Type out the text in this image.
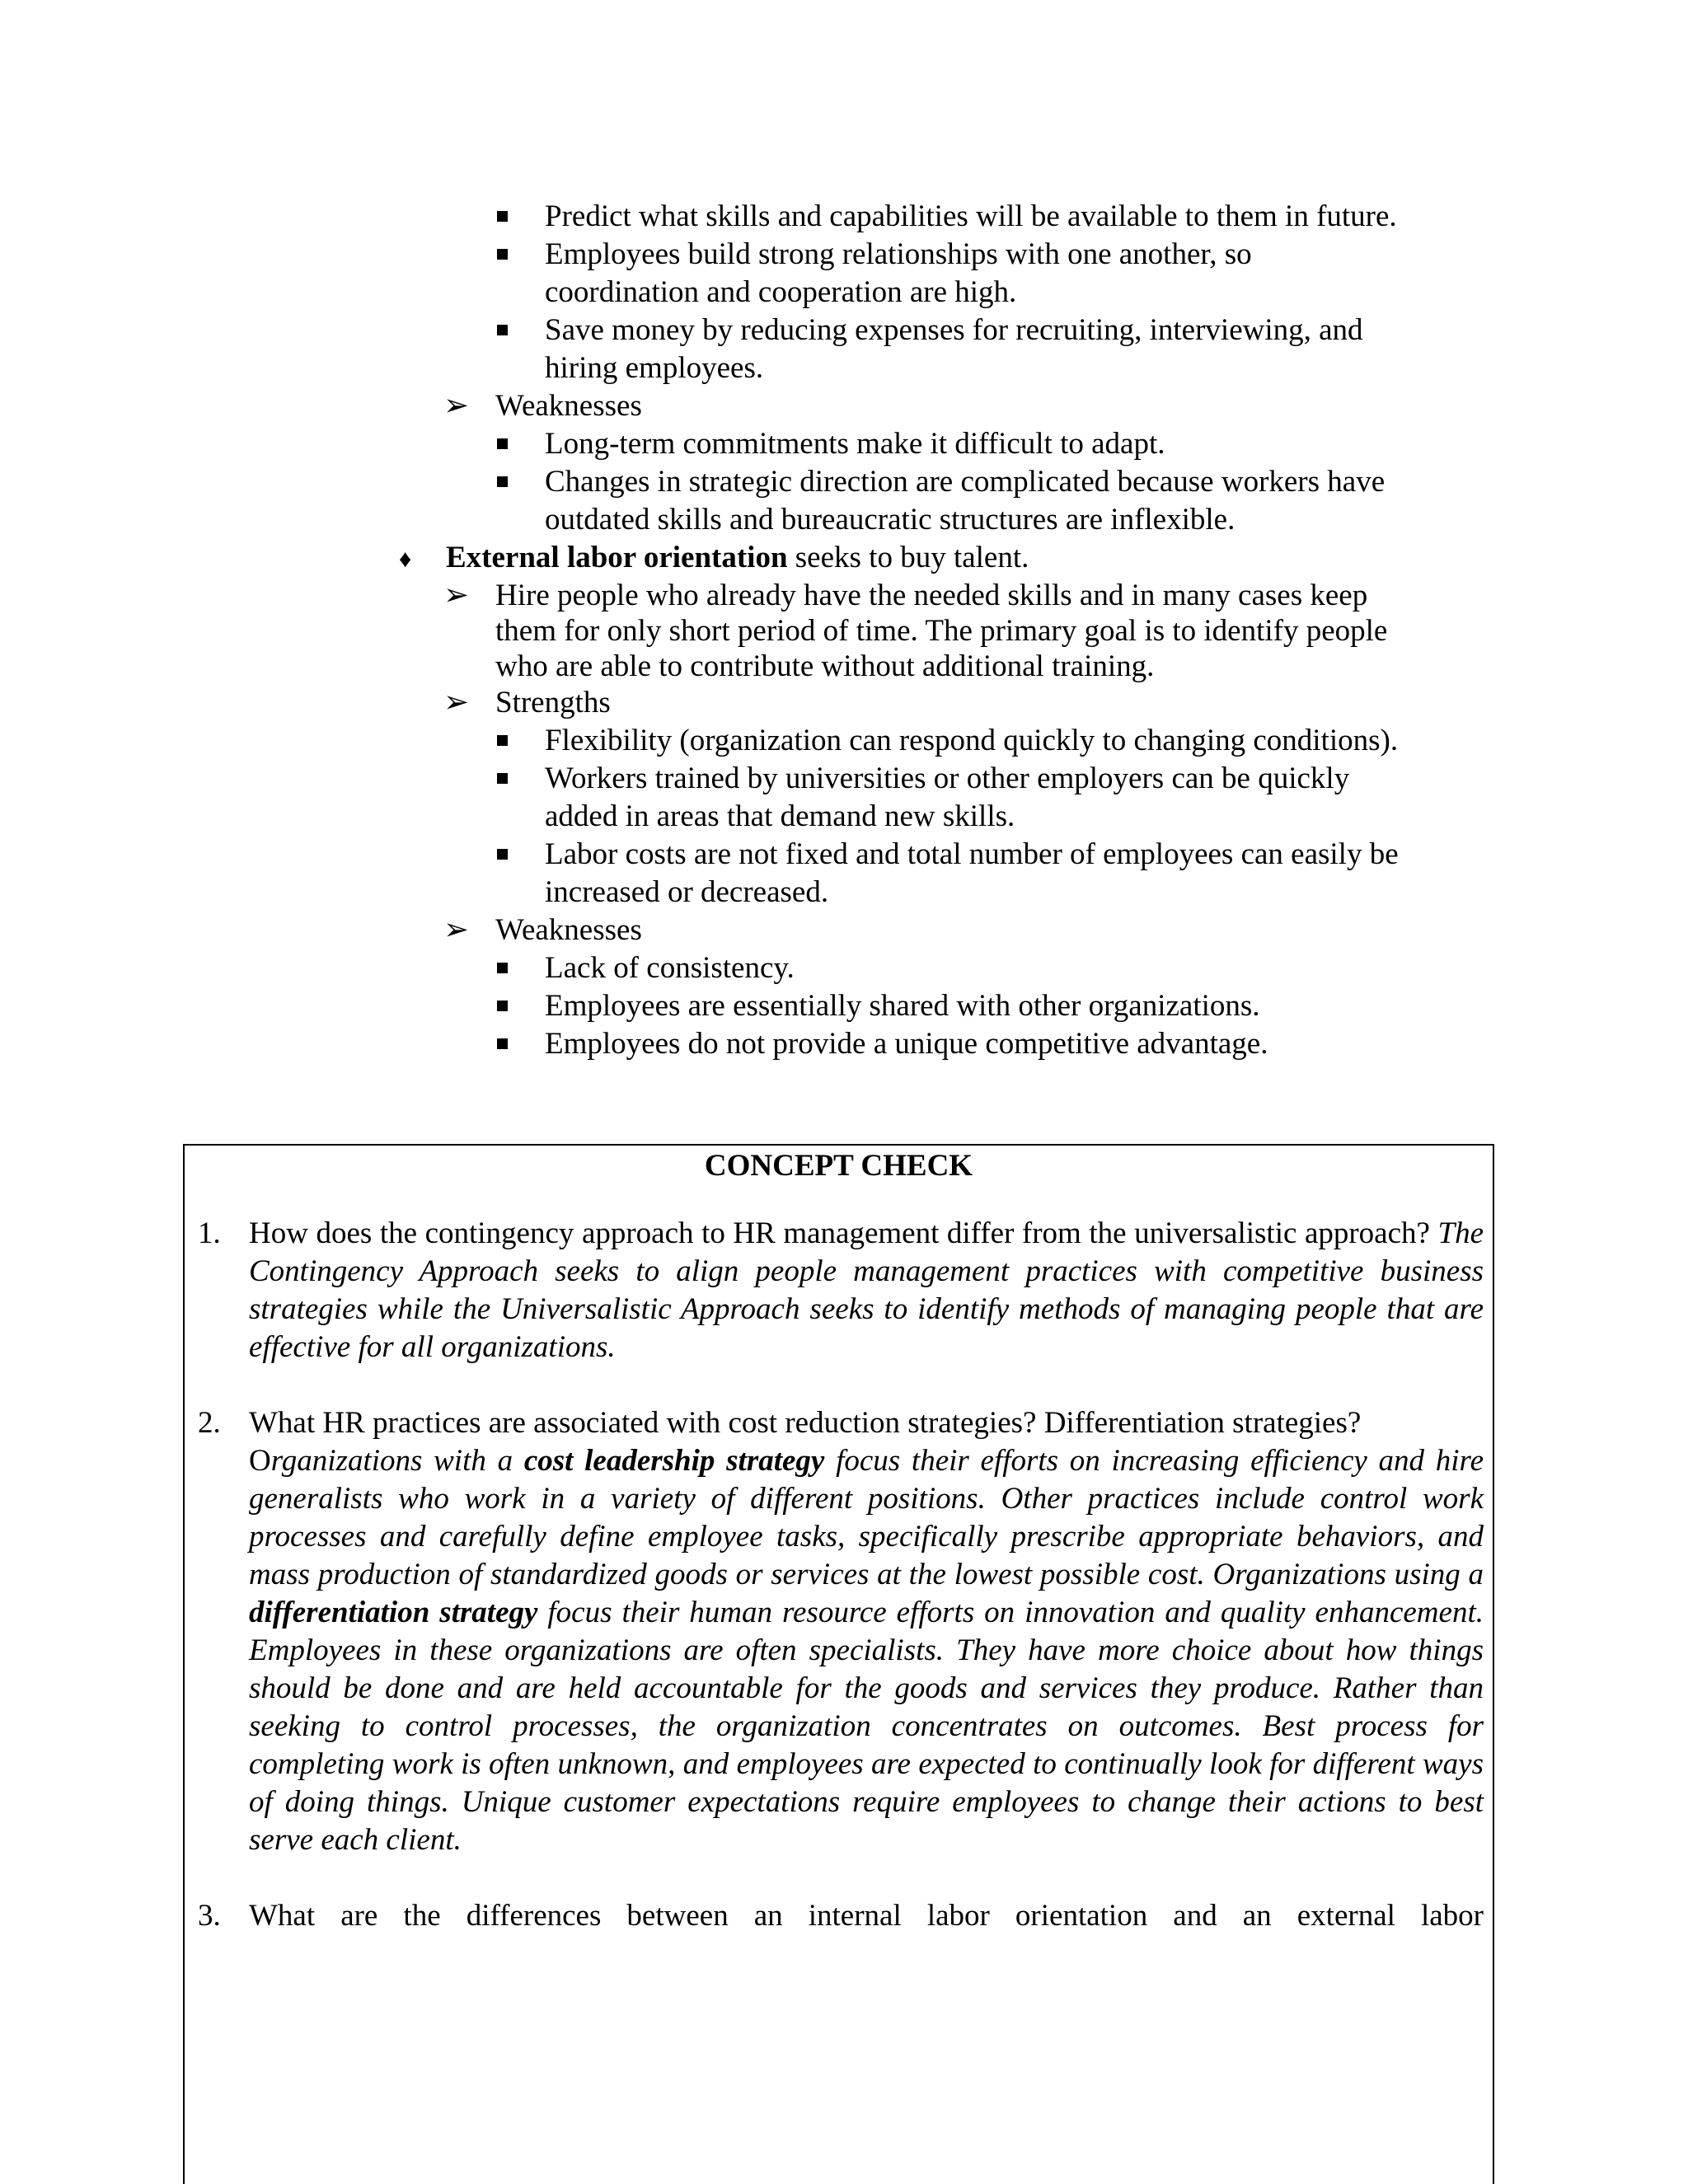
Predict what skills and capabilities will be available to them in future.
Employees build strong relationships with one another, so
coordination and cooperation are high.
Save money by reducing expenses for recruiting, interviewing, and
hiring employees.
➢ Weaknesses
Long-term commitments make it difficult to adapt.
Changes in strategic direction are complicated because workers have
outdated skills and bureaucratic structures are inflexible.
♦ External labor orientation seeks to buy talent.
➢ Hire people who already have the needed skills and in many cases keep
them for only short period of time. The primary goal is to identify people
who are able to contribute without additional training.
➢ Strengths
Flexibility (organization can respond quickly to changing conditions).
Workers trained by universities or other employers can be quickly
added in areas that demand new skills.
Labor costs are not fixed and total number of employees can easily be
increased or decreased.
➢ Weaknesses
Lack of consistency.
Employees are essentially shared with other organizations.
Employees do not provide a unique competitive advantage.
CONCEPT CHECK
1. How does the contingency approach to HR management differ from the universalistic approach? The Contingency Approach seeks to align people management practices with competitive business strategies while the Universalistic Approach seeks to identify methods of managing people that are effective for all organizations.
2. What HR practices are associated with cost reduction strategies? Differentiation strategies?
Organizations with a cost leadership strategy focus their efforts on increasing efficiency and hire generalists who work in a variety of different positions. Other practices include control work processes and carefully define employee tasks, specifically prescribe appropriate behaviors, and mass production of standardized goods or services at the lowest possible cost. Organizations using a differentiation strategy focus their human resource efforts on innovation and quality enhancement. Employees in these organizations are often specialists. They have more choice about how things should be done and are held accountable for the goods and services they produce. Rather than seeking to control processes, the organization concentrates on outcomes. Best process for completing work is often unknown, and employees are expected to continually look for different ways of doing things. Unique customer expectations require employees to change their actions to best serve each client.
3. What are the differences between an internal labor orientation and an external labor
